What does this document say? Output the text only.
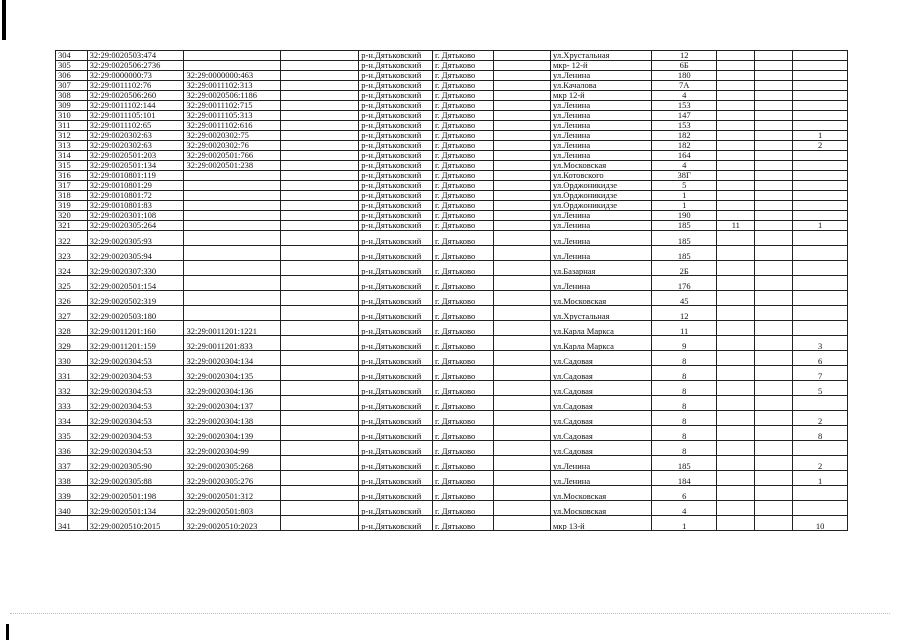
304	32:29:0020503:474			р-н.Дятьковский	г. Дятьково		ул.Хрустальная	12			
305	32:29:0020506:2736			р-н.Дятьковский	г. Дятьково		мкр- 12-й	6Б			
306	32:29:0000000:73	32:29:0000000:463		р-н.Дятьковский	г. Дятьково		ул.Ленина	180			
307	32:29:0011102:76	32:29:0011102:313		р-н.Дятьковский	г. Дятьково		ул.Качалова	7А			
308	32:29:0020506:260	32:29:0020506:1186		р-н.Дятьковский	г. Дятьково		мкр 12-й	4			
309	32:29:0011102:144	32:29:0011102:715		р-н.Дятьковский	г. Дятьково		ул.Ленина	153			
310	32:29:0011105:101	32:29:0011105:313		р-н.Дятьковский	г. Дятьково		ул.Ленина	147			
311	32:29:0011102:65	32:29:0011102:616		р-н.Дятьковский	г. Дятьково		ул.Ленина	153			
312	32:29:0020302:63	32:29:0020302:75		р-н.Дятьковский	г. Дятьково		ул.Ленина	182			1
313	32:29:0020302:63	32:29:0020302:76		р-н.Дятьковский	г. Дятьково		ул.Ленина	182			2
314	32:29:0020501:203	32:29:0020501:766		р-н.Дятьковский	г. Дятьково		ул.Ленина	164			
315	32:29:0020501:134	32:29:0020501:238		р-н.Дятьковский	г. Дятьково		ул.Московская	4			
316	32:29:0010801:119			р-н.Дятьковский	г. Дятьково		ул.Котовского	38Г			
317	32:29:0010801:29			р-н.Дятьковский	г. Дятьково		ул.Орджоникидзе	5			
318	32:29:0010801:72			р-н.Дятьковский	г. Дятьково		ул.Орджоникидзе	1			
319	32:29:0010801:83			р-н.Дятьковский	г. Дятьково		ул.Орджоникидзе	1			
320	32:29:0020301:108			р-н.Дятьковский	г. Дятьково		ул.Ленина	190			
321	32:29:0020305:264			р-н.Дятьковский	г. Дятьково		ул.Ленина	185	11		1
322	32:29:0020305:93			р-н.Дятьковский	г. Дятьково		ул.Ленина	185			
323	32:29:0020305:94			р-н.Дятьковский	г. Дятьково		ул.Ленина	185			
324	32:29:0020307:330			р-н.Дятьковский	г. Дятьково		ул.Базарная	2Б			
325	32:29:0020501:154			р-н.Дятьковский	г. Дятьково		ул.Ленина	176			
326	32:29:0020502:319			р-н.Дятьковский	г. Дятьково		ул.Московская	45			
327	32:29:0020503:180			р-н.Дятьковский	г. Дятьково		ул.Хрустальная	12			
328	32:29:0011201:160	32:29:0011201:1221		р-н.Дятьковский	г. Дятьково		ул.Карла Маркса	11			
329	32:29:0011201:159	32:29:0011201:833		р-н.Дятьковский	г. Дятьково		ул.Карла Маркса	9			3
330	32:29:0020304:53	32:29:0020304:134		р-н.Дятьковский	г. Дятьково		ул.Садовая	8			6
331	32:29:0020304:53	32:29:0020304:135		р-н.Дятьковский	г. Дятьково		ул.Садовая	8			7
332	32:29:0020304:53	32:29:0020304:136		р-н.Дятьковский	г. Дятьково		ул.Садовая	8			5
333	32:29:0020304:53	32:29:0020304:137		р-н.Дятьковский	г. Дятьково		ул.Садовая	8			
334	32:29:0020304:53	32:29:0020304:138		р-н.Дятьковский	г. Дятьково		ул.Садовая	8			2
335	32:29:0020304:53	32:29:0020304:139		р-н.Дятьковский	г. Дятьково		ул.Садовая	8			8
336	32:29:0020304:53	32:29:0020304:99		р-н.Дятьковский	г. Дятьково		ул.Садовая	8			
337	32:29:0020305:90	32:29:0020305:268		р-н.Дятьковский	г. Дятьково		ул.Ленина	185			2
338	32:29:0020305:88	32:29:0020305:276		р-н.Дятьковский	г. Дятьково		ул.Ленина	184			1
339	32:29:0020501:198	32:29:0020501:312		р-н.Дятьковский	г. Дятьково		ул.Московская	6			
340	32:29:0020501:134	32:29:0020501:803		р-н.Дятьковский	г. Дятьково		ул.Московская	4			
341	32:29:0020510:2015	32:29:0020510:2023		р-н.Дятьковский	г. Дятьково		мкр 13-й	1			10
